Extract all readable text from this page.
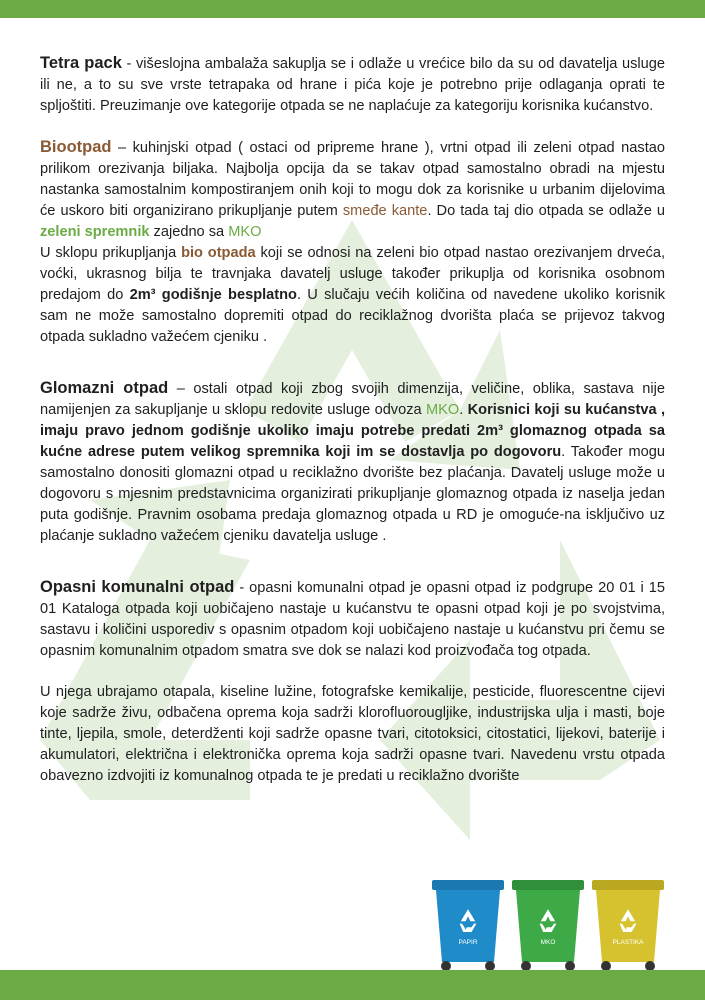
Tetra pack - višeslojna ambalaža sakuplja se i odlaže u vrećice bilo da su od davatelja usluge ili ne, a to su sve vrste tetrapaka od hrane i pića koje je potrebno prije odlaganja oprati te spljoštiti. Preuzimanje ove kategorije otpada se ne naplaćuje za kategoriju korisnika kućanstvo.

Biootpad – kuhinjski otpad ( ostaci od pripreme hrane ), vrtni otpad ili zeleni otpad nastao prilikom orezivanja biljaka. Najbolja opcija da se takav otpad samostalno obradi na mjestu nastanka samostalnim kompostiranjem onih koji to mogu dok za korisnike u urbanim dijelovima će uskoro biti organizirano prikupljanje putem smeđe kante. Do tada taj dio otpada se odlaže u zeleni spremnik zajedno sa MKO

U sklopu prikupljanja bio otpada koji se odnosi na zeleni bio otpad nastao orezivanjem drveća, voćki, ukrasnog bilja te travnjaka davatelj usluge također prikuplja od korisnika osobnom predajom do 2m³ godišnje besplatno. U slučaju većih količina od navedene ukoliko korisnik sam ne može samostalno dopremiti otpad do reciklažnog dvorišta plaća se prijevoz takvog otpada sukladno važećem cjeniku .

Glomazni otpad – ostali otpad koji zbog svojih dimenzija, veličine, oblika, sastava nije namijenjen za sakupljanje u sklopu redovite usluge odvoza MKO. Korisnici koji su kućanstva , imaju pravo jednom godišnje ukoliko imaju potrebe predati 2m³ glomaznog otpada sa kućne adrese putem velikog spremnika koji im se dostavlja po dogovoru. Također mogu samostalno donositi glomazni otpad u reciklažno dvorište bez plaćanja. Davatelj usluge može u dogovoru s mjesnim predstavnicima organizirati prikupljanje glomaznog otpada iz naselja jedan puta godišnje. Pravnim osobama predaja glomaznog otpada u RD je omoguće-na isključivo uz plaćanje sukladno važećem cjeniku davatelja usluge .

Opasni komunalni otpad - opasni komunalni otpad je opasni otpad iz podgrupe 20 01 i 15 01 Kataloga otpada koji uobičajeno nastaje u kućanstvu te opasni otpad koji je po svojstvima, sastavu i količini usporediv s opasnim otpadom koji uobičajeno nastaje u kućanstvu pri čemu se opasnim komunalnim otpadom smatra sve dok se nalazi kod proizvođača tog otpada.

U njega ubrajamo otapala, kiseline lužine, fotografske kemikalije, pesticide, fluorescentne cijevi koje sadrže živu, odbačena oprema koja sadrži klorofluorougljike, industrijska ulja i masti, boje tinte, ljepila, smole, deterdženti koji sadrže opasne tvari, citotoksici, citostatici, lijekovi, baterije i akumulatori, električna i elektronička oprema koja sadrži opasne tvari. Navedenu vrstu otpada obavezno izdvojiti iz komunalnog otpada te je predati u reciklažno dvorište

PAPIR	MKO	PLASTIKA
